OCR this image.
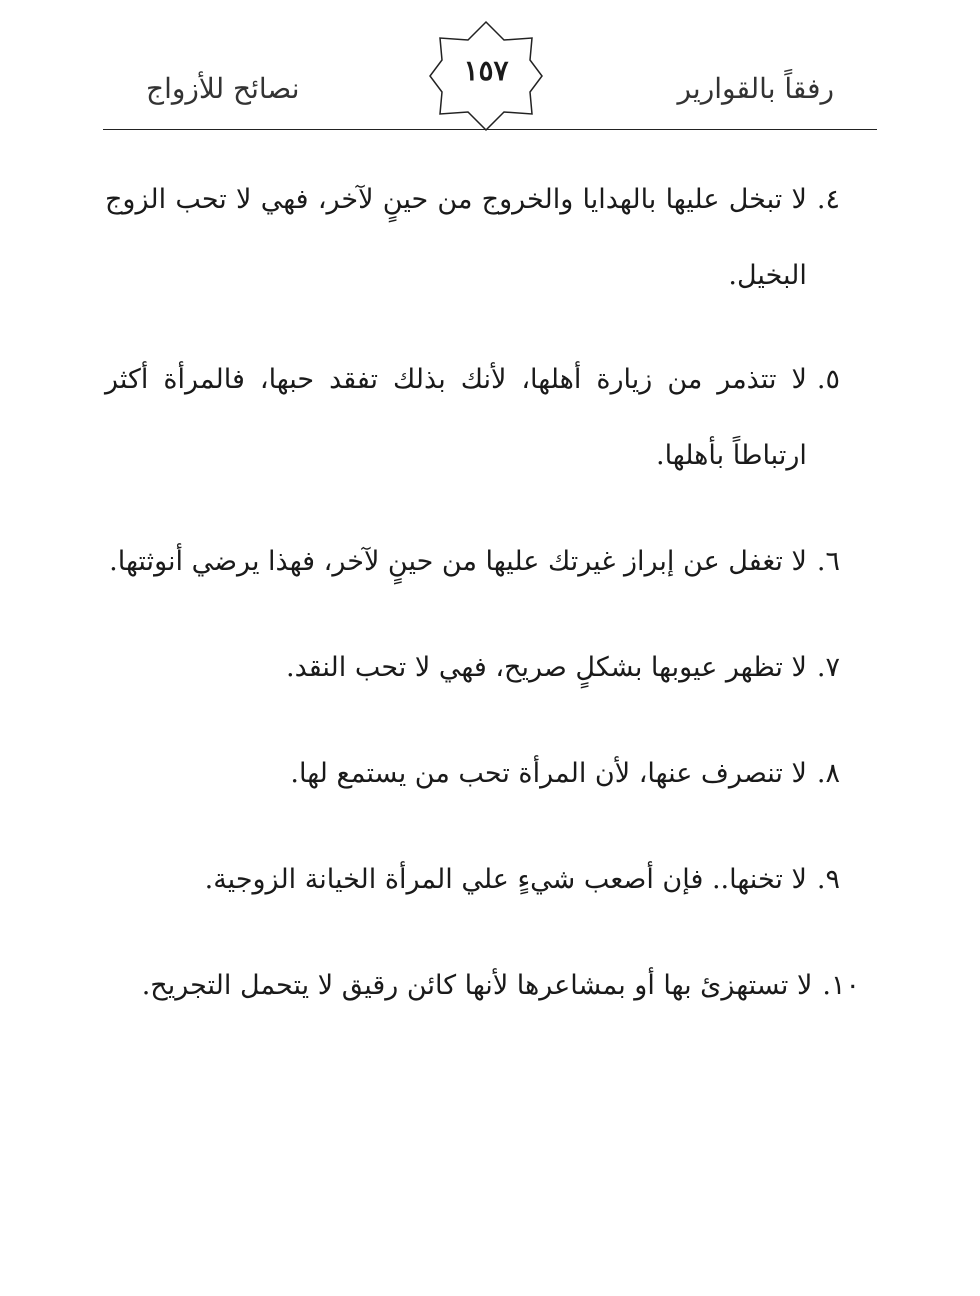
رفقاً بالقوارير
نصائح للأزواج
١٥٧
٤.
لا تبخل عليها بالهدايا والخروج من حينٍ لآخر، فهي لا تحب الزوج البخيل.
٥.
لا تتذمر من زيارة أهلها، لأنك بذلك تفقد حبها، فالمرأة أكثر ارتباطاً بأهلها.
٦.
لا تغفل عن إبراز غيرتك عليها من حينٍ لآخر، فهذا يرضي أنوثتها.
٧.
لا تظهر عيوبها بشكلٍ صريح، فهي لا تحب النقد.
٨.
لا تنصرف عنها، لأن المرأة تحب من يستمع لها.
٩.
لا تخنها.. فإن أصعب شيءٍ علي المرأة الخيانة الزوجية.
١٠.
لا تستهزئ بها أو بمشاعرها لأنها كائن رقيق لا يتحمل التجريح.
